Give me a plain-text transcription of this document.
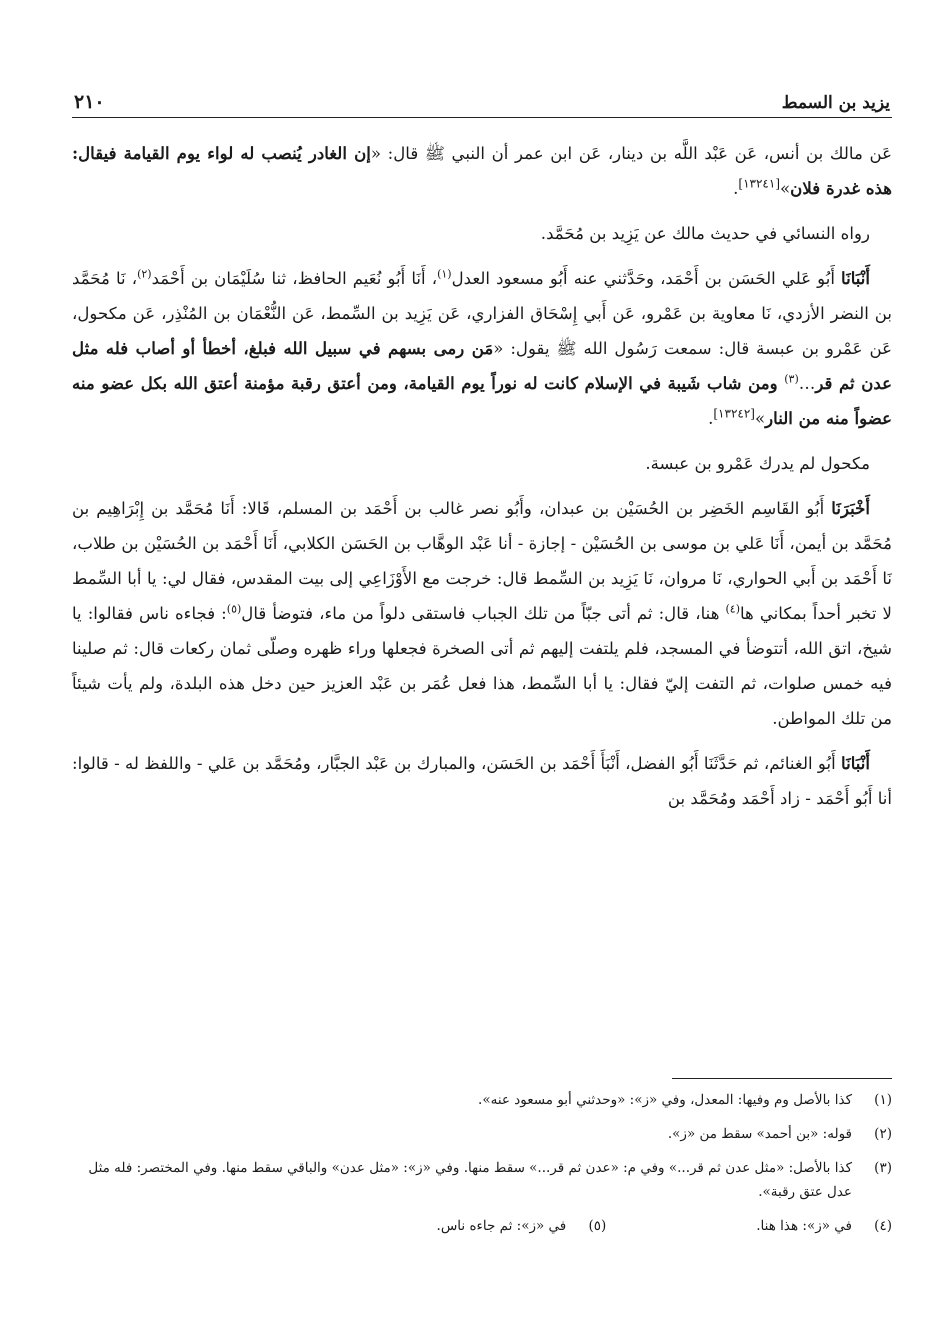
يزيد بن السمط
٢١٠

عَن مالك بن أنس، عَن عَبْد اللَّه بن دينار، عَن ابن عمر أن النبي ﷺ قال: «إن الغادر يُنصب له لواء يوم القيامة فيقال: هذه غدرة فلان»[١٣٢٤١].

رواه النسائي في حديث مالك عن يَزِيد بن مُحَمَّد.

أَنْبَانَا أَبُو عَلي الحَسَن بن أَحْمَد، وحَدَّثني عنه أَبُو مسعود العدل$^{(١)}$، أَنَا أَبُو نُعَيم الحافظ، ثنا سُلَيْمَان بن أَحْمَد$^{(٢)}$، نَا مُحَمَّد بن النضر الأزدي، نَا معاوية بن عَمْرو، عَن أَبي إِسْحَاق الفزاري، عَن يَزِيد بن السِّمط، عَن النُّعْمَان بن المُنْذِر، عَن مكحول، عَن عَمْرو بن عبسة قال: سمعت رَسُول الله ﷺ يقول: «مَن رمى بسهم في سبيل الله فبلغ، أخطأ أو أصاب فله مثل عدن ثم قر…$^{(٣)}$ ومن شاب شَيبة في الإسلام كانت له نوراً يوم القيامة، ومن أعتق رقبة مؤمنة أعتق الله بكل عضو منه عضواً منه من النار»[١٣٢٤٢].

مكحول لم يدرك عَمْرو بن عبسة.

أَخْبَرَنَا أَبُو القَاسِم الخَضِر بن الحُسَيْن بن عبدان، وأَبُو نصر غالب بن أَحْمَد بن المسلم، قَالا: أَنَا مُحَمَّد بن إِبْرَاهِيم بن مُحَمَّد بن أيمن، أَنَا عَلي بن موسى بن الحُسَيْن - إجازة - أنا عَبْد الوهَّاب بن الحَسَن الكلابي، أَنَا أَحْمَد بن الحُسَيْن بن طلاب، نَا أَحْمَد بن أَبي الحواري، نَا مروان، نَا يَزِيد بن السِّمط قال: خرجت مع الأَوْزَاعِي إلى بيت المقدس، فقال لي: يا أبا السِّمط لا تخبر أحداً بمكاني ها$^{(٤)}$ هنا، قال: ثم أتى جبّاً من تلك الجباب فاستقى دلواً من ماء، فتوضأ قال$^{(٥)}$: فجاءه ناس فقالوا: يا شيخ، اتق الله، أتتوضأ في المسجد، فلم يلتفت إليهم ثم أتى الصخرة فجعلها وراء ظهره وصلّى ثمان ركعات قال: ثم صلينا فيه خمس صلوات، ثم التفت إليّ فقال: يا أبا السِّمط، هذا فعل عُمَر بن عَبْد العزيز حين دخل هذه البلدة، ولم يأت شيئاً من تلك المواطن.

أَنْبَانَا أَبُو الغنائم، ثم حَدَّثَنَا أَبُو الفضل، أَنْبَأَ أَحْمَد بن الحَسَن، والمبارك بن عَبْد الجبَّار، ومُحَمَّد بن عَلي - واللفظ له - قالوا: أنا أَبُو أَحْمَد - زاد أَحْمَد ومُحَمَّد بن

(١)
كذا بالأصل وم وفيها: المعدل، وفي «ز»: «وحدثني أبو مسعود عنه».
(٢)
قوله: «بن أحمد» سقط من «ز».
(٣)
كذا بالأصل: «مثل عدن ثم قر...» وفي م: «عدن ثم قر...» سقط منها. وفي «ز»: «مثل عدن» والباقي سقط منها. وفي المختصر: فله مثل عدل عتق رقبة».
(٤)
في «ز»: هذا هنا.
(٥)
في «ز»: ثم جاءه ناس.
